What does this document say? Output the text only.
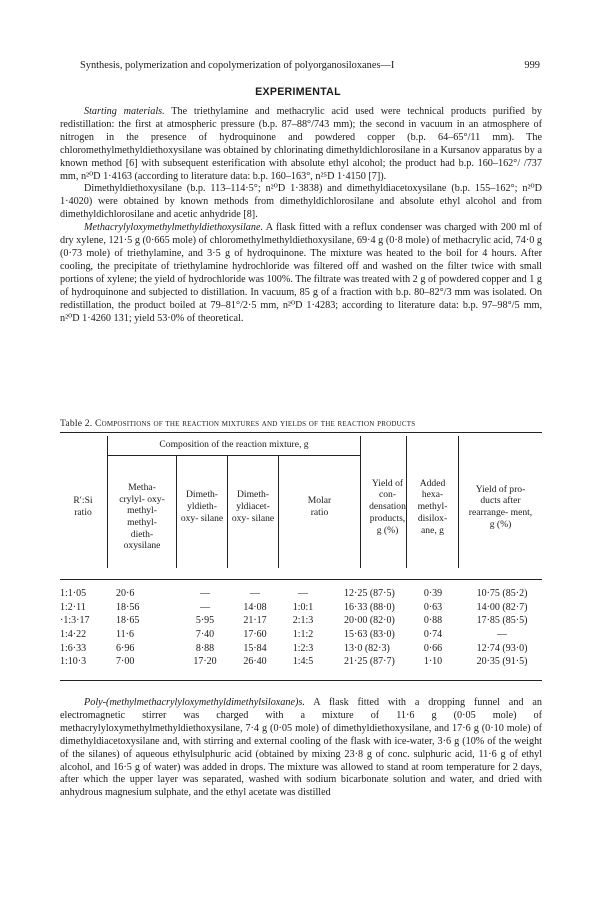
Synthesis, polymerization and copolymerization of polyorganosiloxanes—I	999
EXPERIMENTAL

Starting materials. The triethylamine and methacrylic acid used were technical products purified by redistillation: the first at atmospheric pressure (b.p. 87–88°/743 mm); the second in vacuum in an atmosphere of nitrogen in the presence of hydroquinone and powdered copper (b.p. 64–65°/11 mm). The chloromethylmethyldiethoxysilane was obtained by chlorinating dimethyldichlorosilane in a Kursanov apparatus by a known method [6] with subsequent esterification with absolute ethyl alcohol; the product had b.p. 160–162°/ /737 mm, n²⁰D 1·4163 (according to literature data: b.p. 160–163°, n²⁵D 1·4150 [7]).

Dimethyldiethoxysilane (b.p. 113–114·5°; n²⁰D 1·3838) and dimethyldiacetoxysilane (b.p. 155–162°; n²⁰D 1·4020) were obtained by known methods from dimethyldichlorosilane and absolute ethyl alcohol and from dimethyldichlorosilane and acetic anhydride [8].

Methacrylyloxymethylmethyldiethoxysilane. A flask fitted with a reflux condenser was charged with 200 ml of dry xylene, 121·5 g (0·665 mole) of chloromethylmethyldiethoxysilane, 69·4 g (0·8 mole) of methacrylic acid, 74·0 g (0·73 mole) of triethylamine, and 3·5 g of hydroquinone. The mixture was heated to the boil for 4 hours. After cooling, the precipitate of triethylamine hydrochloride was filtered off and washed on the filter twice with small portions of xylene; the yield of hydrochloride was 100%. The filtrate was treated with 2 g of powdered copper and 1 g of hydroquinone and subjected to distillation. In vacuum, 85 g of a fraction with b.p. 80–82°/3 mm was isolated. On redistillation, the product boiled at 79–81°/2·5 mm, n²⁰D 1·4283; according to literature data: b.p. 97–98°/5 mm, n²⁰D 1·4260 131; yield 53·0% of theoretical.

Table 2. Compositions of the reaction mixtures and yields of the reaction products
Composition of the reaction mixture, g
R′:Si ratio
Metha- crylyl- oxy- methyl- methyl- dieth- oxysilane
Dimeth- yldieth- oxy- silane
Dimeth- yldiacet- oxy- silane
Molar ratio
Yield of con- densation products, g (%)
Added hexa- methyl- disilox- ane, g
Yield of pro- ducts after rearrange- ment, g (%)
1:1·05
1:2·11
·1:3·17
1:4·22
1:6·33
1:10·3
20·6
18·56
18·65
11·6
6·96
7·00
—
—
5·95
7·40
8·88
17·20
—
14·08
21·17
17·60
15·84
26·40
—
1:0:1
2:1:3
1:1:2
1:2:3
1:4:5
12·25 (87·5)
16·33 (88·0)
20·00 (82·0)
15·63 (83·0)
13·0 (82·3)
21·25 (87·7)
0·39
0·63
0·88
0·74
0·66
1·10
10·75 (85·2)
14·00 (82·7)
17·85 (85·5)
—
12·74 (93·0)
20·35 (91·5)

Poly-(methylmethacrylyloxymethyldimethylsiloxane)s. A flask fitted with a dropping funnel and an electromagnetic stirrer was charged with a mixture of 11·6 g (0·05 mole) of methacrylyloxymethylmethyldiethoxysilane, 7·4 g (0·05 mole) of dimethyldiethoxysilane, and 17·6 g (0·10 mole) of dimethyldiacetoxysilane and, with stirring and external cooling of the flask with ice-water, 3·6 g (10% of the weight of the silanes) of aqueous ethylsulphuric acid (obtained by mixing 23·8 g of conc. sulphuric acid, 11·6 g of ethyl alcohol, and 16·5 g of water) was added in drops. The mixture was allowed to stand at room temperature for 2 days, after which the upper layer was separated, washed with sodium bicarbonate solution and water, and dried with anhydrous magnesium sulphate, and the ethyl acetate was distilled
